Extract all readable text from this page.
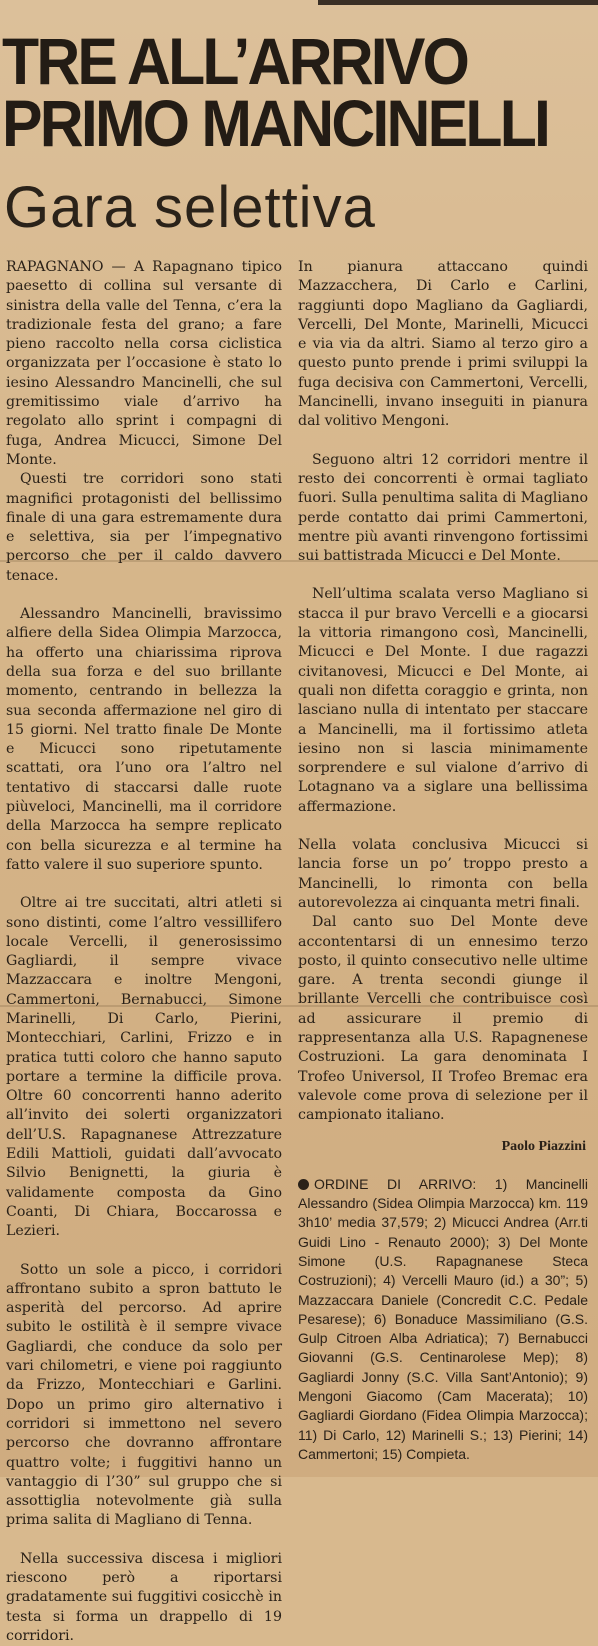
TRE ALL’ARRIVO
PRIMO MANCINELLI
Gara selettiva

RAPAGNANO — A Rapagnano tipico paesetto di collina sul versante di sinistra della valle del Tenna, c’era la tradizionale festa del grano; a fare pieno raccolto nella corsa ciclistica organizzata per l’occasione è stato lo iesino Alessandro Mancinelli, che sul gremitissimo viale d’arrivo ha regolato allo sprint i compagni di fuga, Andrea Micucci, Simone Del Monte.

Questi tre corridori sono stati magnifici protagonisti del bellissimo finale di una gara estremamente dura e selettiva, sia per l’impegnativo percorso che per il caldo davvero tenace.

Alessandro Mancinelli, bravissimo alfiere della Sidea Olimpia Marzocca, ha offerto una chiarissima riprova della sua forza e del suo brillante momento, centrando in bellezza la sua seconda affermazione nel giro di 15 giorni. Nel tratto finale De Monte e Micucci sono ripetutamente scattati, ora l’uno ora l’altro nel tentativo di staccarsi dalle ruote piùveloci, Mancinelli, ma il corridore della Marzocca ha sempre replicato con bella sicurezza e al termine ha fatto valere il suo superiore spunto.

Oltre ai tre succitati, altri atleti si sono distinti, come l’altro vessillifero locale Vercelli, il generosissimo Gagliardi, il sempre vivace Mazzaccara e inoltre Mengoni, Cammertoni, Bernabucci, Simone Marinelli, Di Carlo, Pierini, Montecchiari, Carlini, Frizzo e in pratica tutti coloro che hanno saputo portare a termine la difficile prova. Oltre 60 concorrenti hanno aderito all’invito dei solerti organizzatori dell’U.S. Rapagnanese Attrezzature Edili Mattioli, guidati dall’avvocato Silvio Benignetti, la giuria è validamente composta da Gino Coanti, Di Chiara, Boccarossa e Lezieri.

Sotto un sole a picco, i corridori affrontano subito a spron battuto le asperità del percorso. Ad aprire subito le ostilità è il sempre vivace Gagliardi, che conduce da solo per vari chilometri, e viene poi raggiunto da Frizzo, Montecchiari e Garlini. Dopo un primo giro alternativo i corridori si immettono nel severo percorso che dovranno affrontare quattro volte; i fuggitivi hanno un vantaggio di l’30” sul gruppo che si assottiglia notevolmente già sulla prima salita di Magliano di Tenna.

Nella successiva discesa i migliori riescono però a riportarsi gradatamente sui fuggitivi cosicchè in testa si forma un drappello di 19 corridori.

In pianura attaccano quindi Mazzacchera, Di Carlo e Carlini, raggiunti dopo Magliano da Gagliardi, Vercelli, Del Monte, Marinelli, Micucci e via via da altri. Siamo al terzo giro a questo punto prende i primi sviluppi la fuga decisiva con Cammertoni, Vercelli, Mancinelli, invano inseguiti in pianura dal volitivo Mengoni.

Seguono altri 12 corridori mentre il resto dei concorrenti è ormai tagliato fuori. Sulla penultima salita di Magliano perde contatto dai primi Cammertoni, mentre più avanti rinvengono fortissimi sui battistrada Micucci e Del Monte.

Nell’ultima scalata verso Magliano si stacca il pur bravo Vercelli e a giocarsi la vittoria rimangono così, Mancinelli, Micucci e Del Monte. I due ragazzi civitanovesi, Micucci e Del Monte, ai quali non difetta coraggio e grinta, non lasciano nulla di intentato per staccare a Mancinelli, ma il fortissimo atleta iesino non si lascia minimamente sorprendere e sul vialone d’arrivo di Lotagnano va a siglare una bellissima affermazione.

Nella volata conclusiva Micucci si lancia forse un po’ troppo presto a Mancinelli, lo rimonta con bella autorevolezza ai cinquanta metri finali.

Dal canto suo Del Monte deve accontentarsi di un ennesimo terzo posto, il quinto consecutivo nelle ultime gare. A trenta secondi giunge il brillante Vercelli che contribuisce così ad assicurare il premio di rappresentanza alla U.S. Rapagnenese Costruzioni. La gara denominata I Trofeo Universol, II Trofeo Bremac era valevole come prova di selezione per il campionato italiano.

Paolo Piazzini

ORDINE DI ARRIVO: 1) Mancinelli Alessandro (Sidea Olimpia Marzocca) km. 119 3h10’ media 37,579; 2) Micucci Andrea (Arr.ti Guidi Lino - Renauto 2000); 3) Del Monte Simone (U.S. Rapagnanese Steca Costruzioni); 4) Vercelli Mauro (id.) a 30”; 5) Mazzaccara Daniele (Concredit C.C. Pedale Pesarese); 6) Bonaduce Massimiliano (G.S. Gulp Citroen Alba Adriatica); 7) Bernabucci Giovanni (G.S. Centinarolese Mep); 8) Gagliardi Jonny (S.C. Villa Sant’Antonio); 9) Mengoni Giacomo (Cam Macerata); 10) Gagliardi Giordano (Fidea Olimpia Marzocca); 11) Di Carlo, 12) Marinelli S.; 13) Pierini; 14) Cammertoni; 15) Compieta.
